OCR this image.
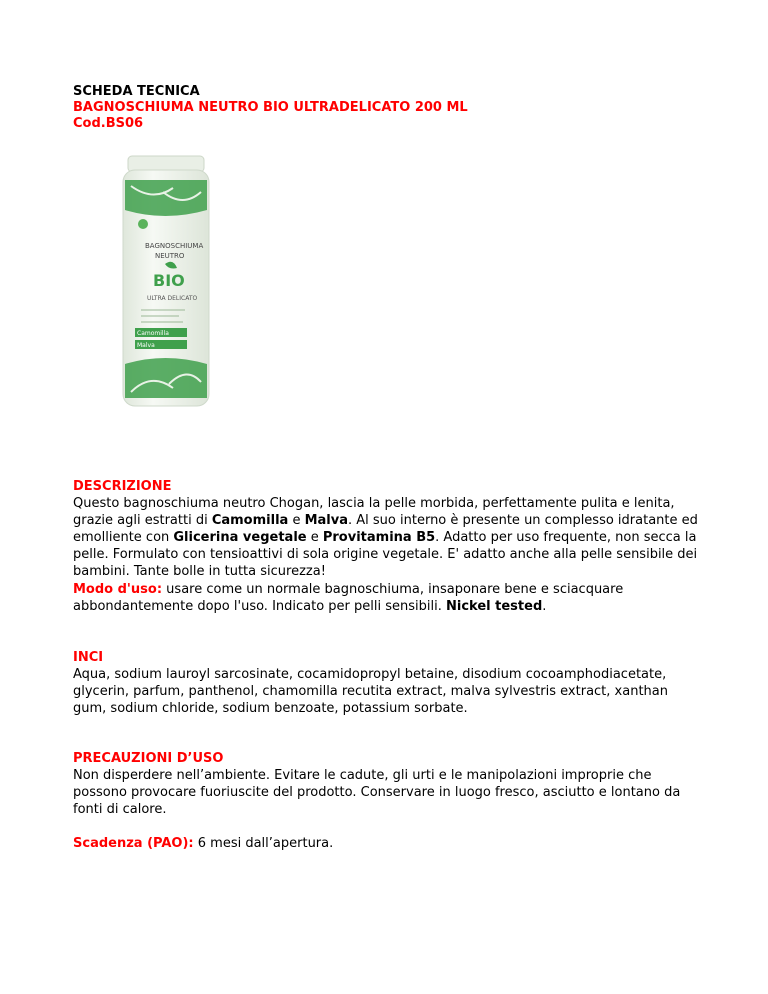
SCHEDA TECNICA
BAGNOSCHIUMA NEUTRO BIO ULTRADELICATO 200 ML
Cod.BS06
Camomilla
Malva
BAGNOSCHIUMA
NEUTRO
BIO
ULTRA DELICATO

DESCRIZIONE

Questo bagnoschiuma neutro Chogan, lascia la pelle morbida, perfettamente pulita e lenita, grazie agli estratti di Camomilla e Malva. Al suo interno è presente un complesso idratante ed emolliente con Glicerina vegetale e Provitamina B5. Adatto per uso frequente, non secca la pelle. Formulato con tensioattivi di sola origine vegetale. E' adatto anche alla pelle sensibile dei bambini. Tante bolle in tutta sicurezza!

Modo d'uso: usare come un normale bagnoschiuma, insaponare bene e sciacquare abbondantemente dopo l'uso. Indicato per pelli sensibili. Nickel tested.

INCI

Aqua, sodium lauroyl sarcosinate, cocamidopropyl betaine, disodium cocoamphodiacetate, glycerin, parfum, panthenol, chamomilla recutita extract, malva sylvestris extract, xanthan gum, sodium chloride, sodium benzoate, potassium sorbate.

PRECAUZIONI D’USO

Non disperdere nell’ambiente. Evitare le cadute, gli urti e le manipolazioni improprie che possono provocare fuoriuscite del prodotto. Conservare in luogo fresco, asciutto e lontano da fonti di calore.

Scadenza (PAO): 6 mesi dall’apertura.
